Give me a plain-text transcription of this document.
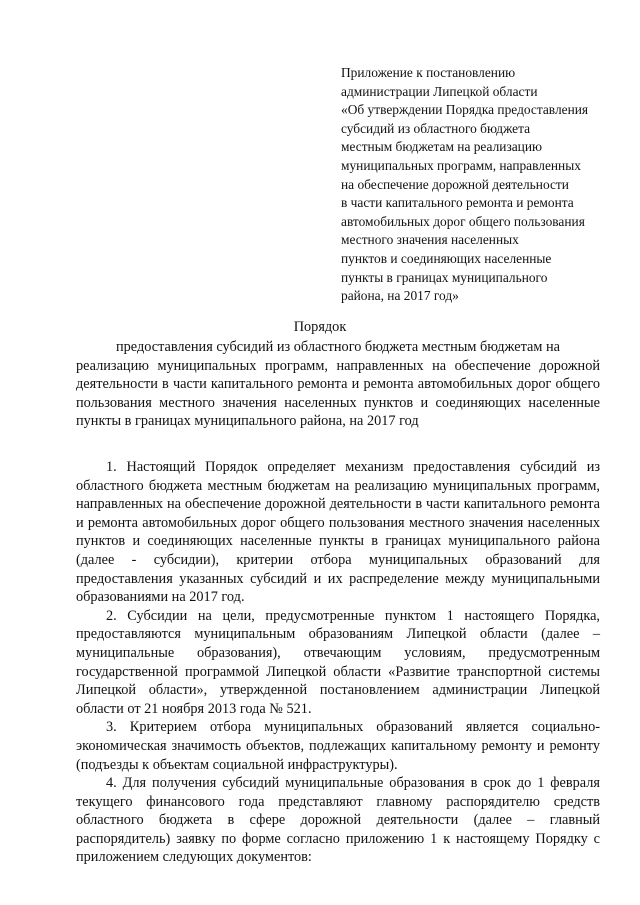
Приложение к постановлению
администрации Липецкой области
«Об утверждении Порядка предоставления
субсидий из областного бюджета
местным бюджетам на реализацию
муниципальных программ, направленных
на обеспечение дорожной деятельности
в части капитального ремонта и ремонта
автомобильных дорог общего пользования
местного значения населенных
пунктов и соединяющих населенные
пункты в границах муниципального
района, на 2017 год»
Порядок
предоставления субсидий из областного бюджета местным бюджетам на
реализацию муниципальных программ, направленных на обеспечение дорожной деятельности в части капитального ремонта и ремонта автомобильных дорог общего пользования местного значения населенных пунктов и соединяющих населенные пункты в границах муниципального района, на 2017 год

1. Настоящий Порядок определяет механизм предоставления субсидий из областного бюджета местным бюджетам на реализацию муниципальных программ, направленных на обеспечение дорожной деятельности в части капитального ремонта и ремонта автомобильных дорог общего пользования местного значения населенных пунктов и соединяющих населенные пункты в границах муниципального района (далее - субсидии), критерии отбора муниципальных образований для предоставления указанных субсидий и их распределение между муниципальными образованиями на 2017 год.

2. Субсидии на цели, предусмотренные пунктом 1 настоящего Порядка, предоставляются муниципальным образованиям Липецкой области (далее – муниципальные образования), отвечающим условиям, предусмотренным государственной программой Липецкой области «Развитие транспортной системы Липецкой области», утвержденной постановлением администрации Липецкой области от 21 ноября 2013 года № 521.

3. Критерием отбора муниципальных образований является социально-экономическая значимость объектов, подлежащих капитальному ремонту и ремонту (подъезды к объектам социальной инфраструктуры).

4. Для получения субсидий муниципальные образования в срок до 1 февраля текущего финансового года представляют главному распорядителю средств областного бюджета в сфере дорожной деятельности (далее – главный распорядитель) заявку по форме согласно приложению 1 к настоящему Порядку с приложением следующих документов:
